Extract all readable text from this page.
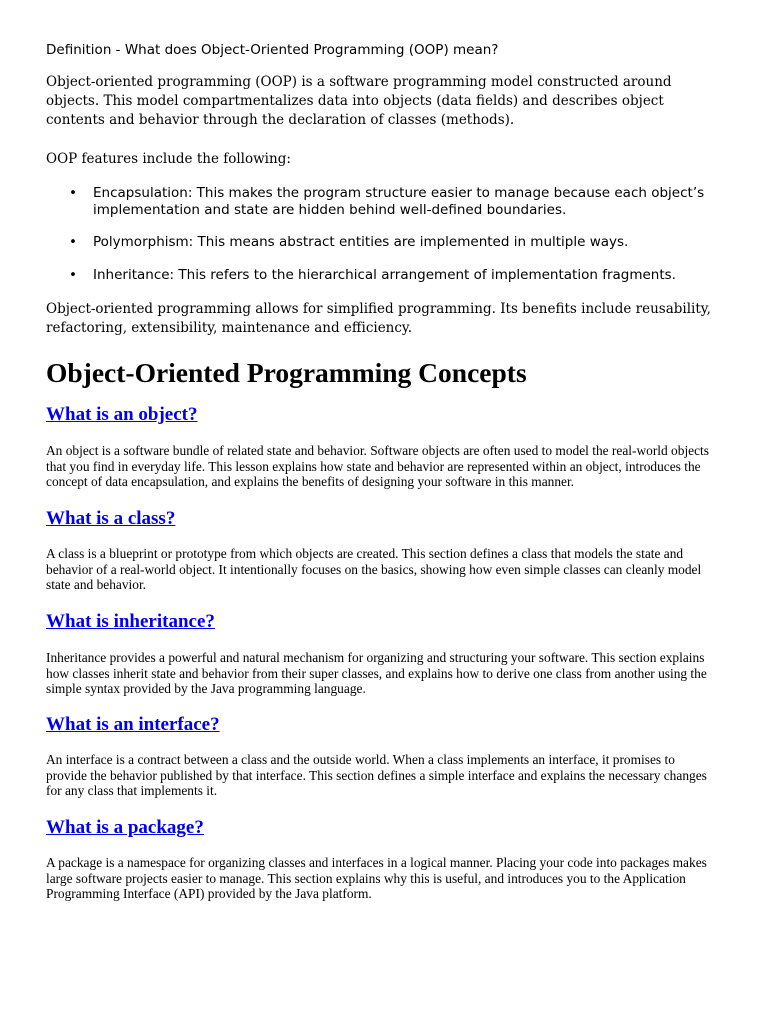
Definition - What does Object-Oriented Programming (OOP) mean?
Object-oriented programming (OOP) is a software programming model constructed around objects. This model compartmentalizes data into objects (data fields) and describes object contents and behavior through the declaration of classes (methods).
OOP features include the following:
• Encapsulation: This makes the program structure easier to manage because each object’s implementation and state are hidden behind well-defined boundaries.
• Polymorphism: This means abstract entities are implemented in multiple ways.
• Inheritance: This refers to the hierarchical arrangement of implementation fragments.
Object-oriented programming allows for simplified programming. Its benefits include reusability, refactoring, extensibility, maintenance and efficiency.
Object-Oriented Programming Concepts
What is an object?
An object is a software bundle of related state and behavior. Software objects are often used to model the real-world objects that you find in everyday life. This lesson explains how state and behavior are represented within an object, introduces the concept of data encapsulation, and explains the benefits of designing your software in this manner.
What is a class?
A class is a blueprint or prototype from which objects are created. This section defines a class that models the state and behavior of a real-world object. It intentionally focuses on the basics, showing how even simple classes can cleanly model state and behavior.
What is inheritance?
Inheritance provides a powerful and natural mechanism for organizing and structuring your software. This section explains how classes inherit state and behavior from their super classes, and explains how to derive one class from another using the simple syntax provided by the Java programming language.
What is an interface?
An interface is a contract between a class and the outside world. When a class implements an interface, it promises to provide the behavior published by that interface. This section defines a simple interface and explains the necessary changes for any class that implements it.
What is a package?
A package is a namespace for organizing classes and interfaces in a logical manner. Placing your code into packages makes large software projects easier to manage. This section explains why this is useful, and introduces you to the Application Programming Interface (API) provided by the Java platform.
